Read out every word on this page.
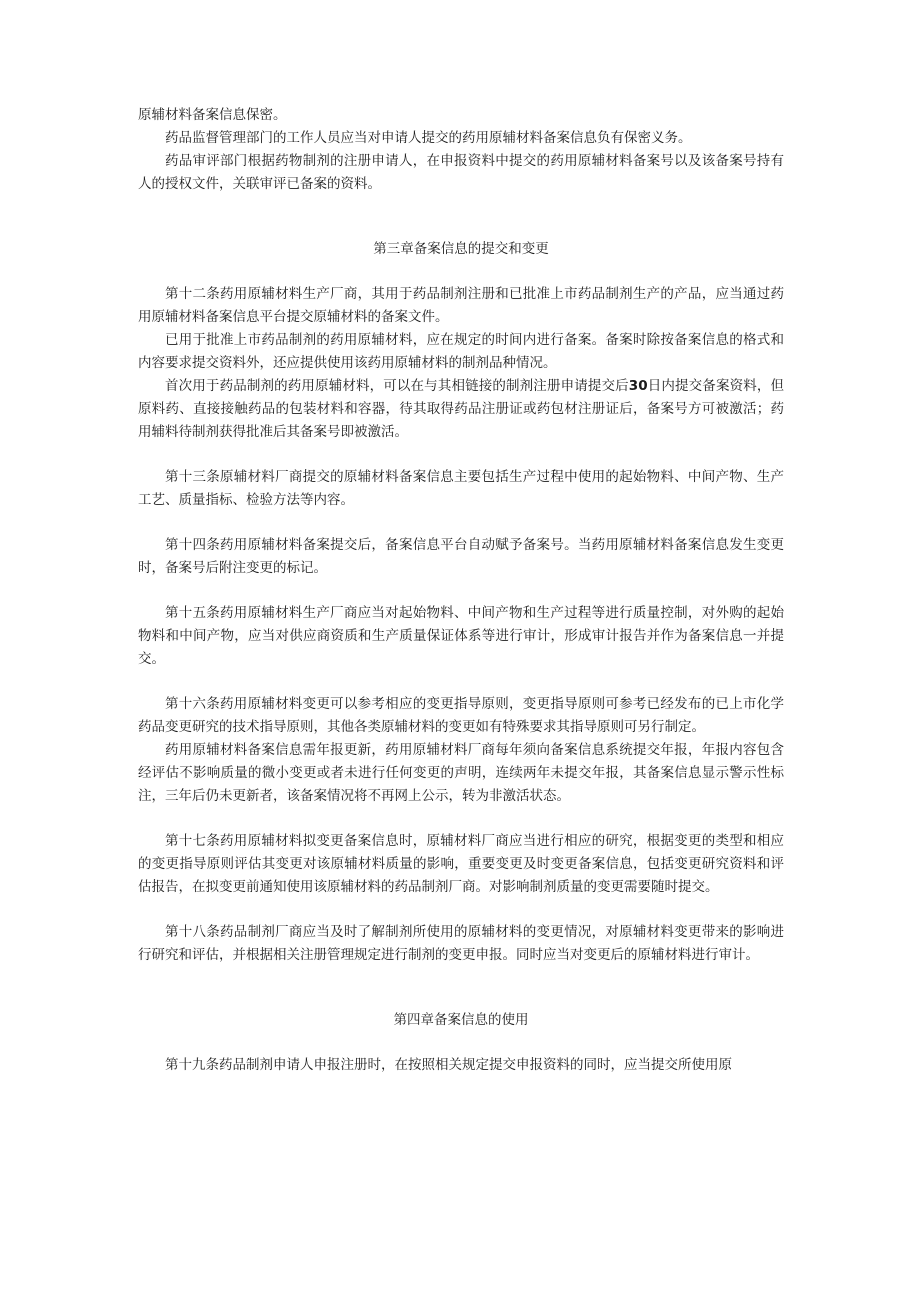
原辅材料备案信息保密。

药品监督管理部门的工作人员应当对申请人提交的药用原辅材料备案信息负有保密义务。

药品审评部门根据药物制剂的注册申请人，在申报资料中提交的药用原辅材料备案号以及该备案号持有人的授权文件，关联审评已备案的资料。

第三章备案信息的提交和变更

第十二条药用原辅材料生产厂商，其用于药品制剂注册和已批准上市药品制剂生产的产品，应当通过药用原辅材料备案信息平台提交原辅材料的备案文件。

已用于批准上市药品制剂的药用原辅材料，应在规定的时间内进行备案。备案时除按备案信息的格式和内容要求提交资料外，还应提供使用该药用原辅材料的制剂品种情况。

首次用于药品制剂的药用原辅材料，可以在与其相链接的制剂注册申请提交后30日内提交备案资料，但原料药、直接接触药品的包装材料和容器，待其取得药品注册证或药包材注册证后，备案号方可被激活；药用辅料待制剂获得批准后其备案号即被激活。

第十三条原辅材料厂商提交的原辅材料备案信息主要包括生产过程中使用的起始物料、中间产物、生产工艺、质量指标、检验方法等内容。

第十四条药用原辅材料备案提交后，备案信息平台自动赋予备案号。当药用原辅材料备案信息发生变更时，备案号后附注变更的标记。

第十五条药用原辅材料生产厂商应当对起始物料、中间产物和生产过程等进行质量控制，对外购的起始物料和中间产物，应当对供应商资质和生产质量保证体系等进行审计，形成审计报告并作为备案信息一并提交。

第十六条药用原辅材料变更可以参考相应的变更指导原则，变更指导原则可参考已经发布的已上市化学药品变更研究的技术指导原则，其他各类原辅材料的变更如有特殊要求其指导原则可另行制定。

药用原辅材料备案信息需年报更新，药用原辅材料厂商每年须向备案信息系统提交年报，年报内容包含经评估不影响质量的微小变更或者未进行任何变更的声明，连续两年未提交年报，其备案信息显示警示性标注，三年后仍未更新者，该备案情况将不再网上公示，转为非激活状态。

第十七条药用原辅材料拟变更备案信息时，原辅材料厂商应当进行相应的研究，根据变更的类型和相应的变更指导原则评估其变更对该原辅材料质量的影响，重要变更及时变更备案信息，包括变更研究资料和评估报告，在拟变更前通知使用该原辅材料的药品制剂厂商。对影响制剂质量的变更需要随时提交。

第十八条药品制剂厂商应当及时了解制剂所使用的原辅材料的变更情况，对原辅材料变更带来的影响进行研究和评估，并根据相关注册管理规定进行制剂的变更申报。同时应当对变更后的原辅材料进行审计。

第四章备案信息的使用

第十九条药品制剂申请人申报注册时，在按照相关规定提交申报资料的同时，应当提交所使用原
